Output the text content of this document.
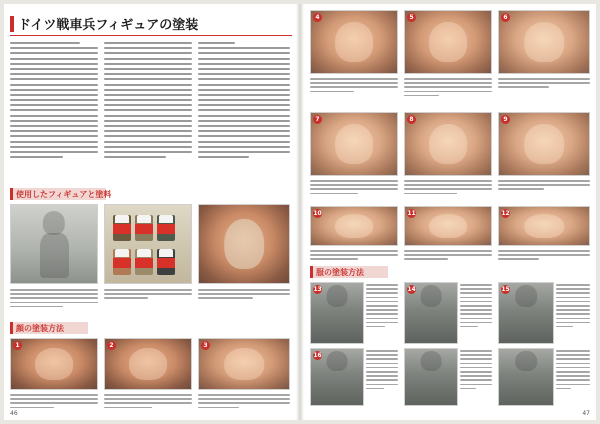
ドイツ戦車兵フィギュアの塗装
使用したフィギュアと塗料
顔の塗装方法
1	2	3
46
4	5	6
7	8	9
10	11	12
服の塗装方法
13	14	15
16
47
